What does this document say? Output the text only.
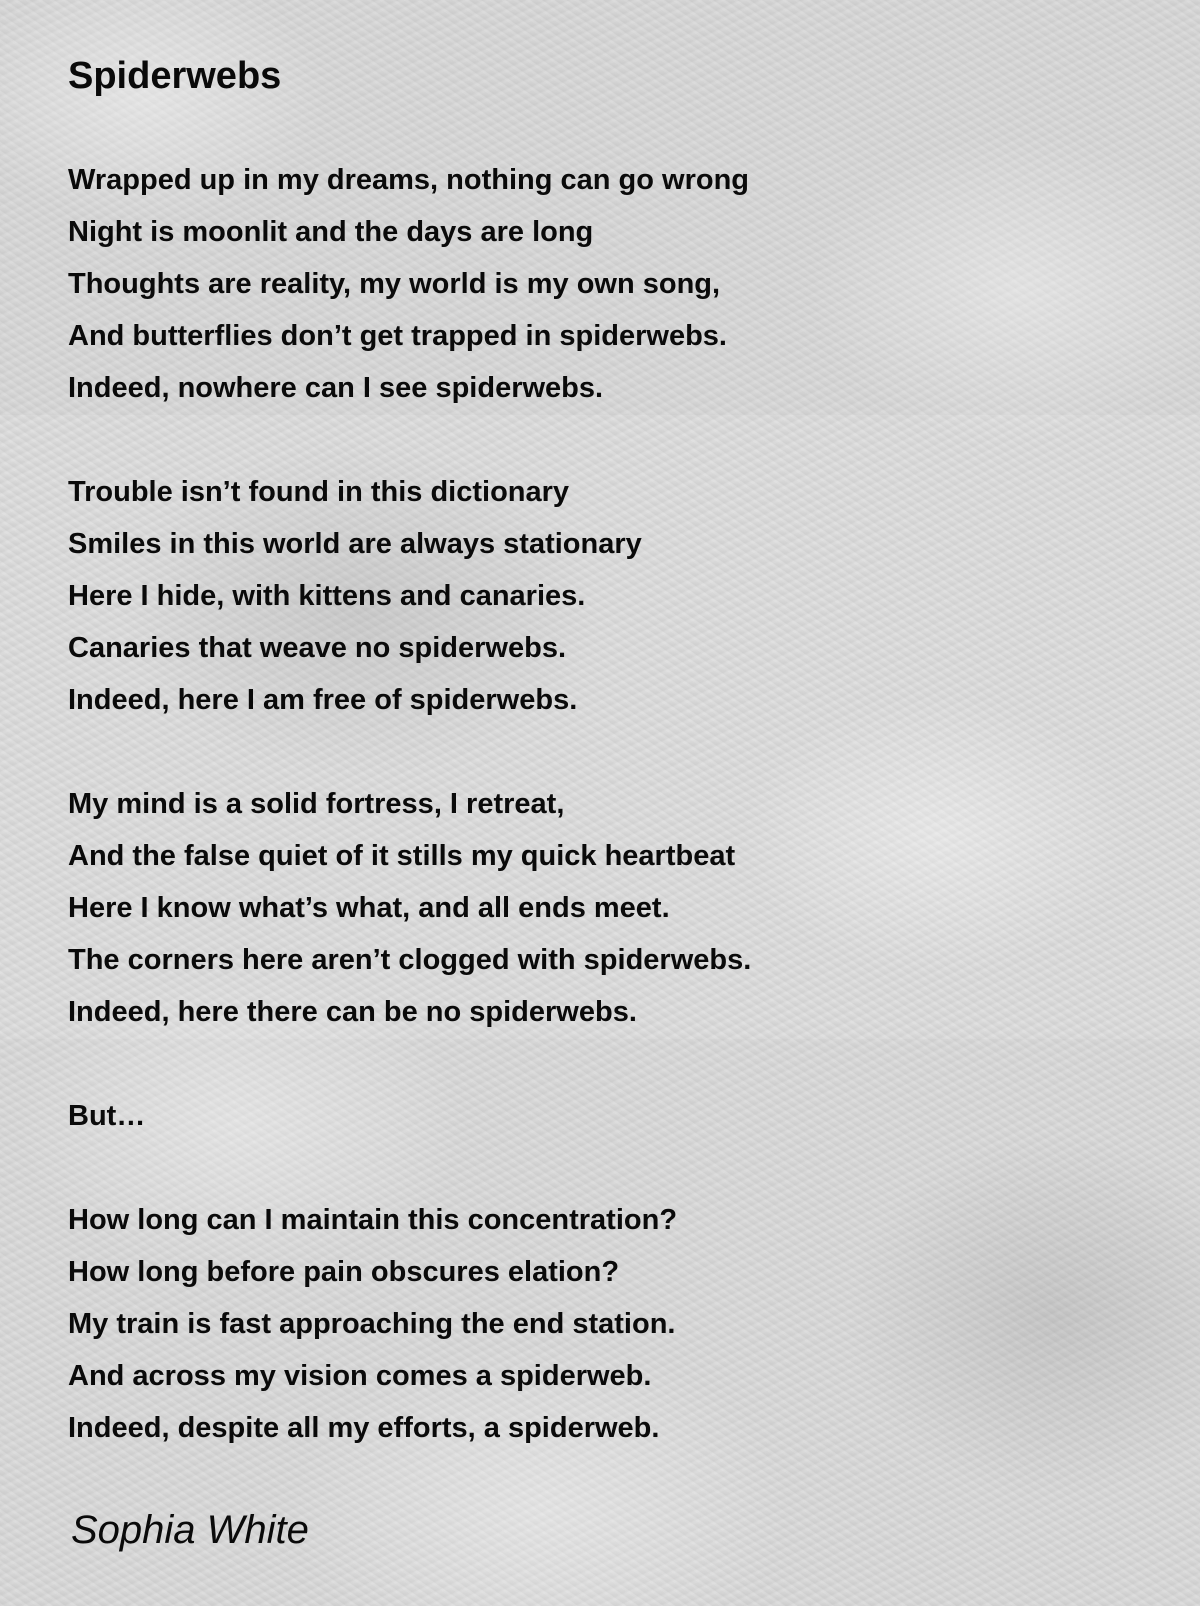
Spiderwebs
Wrapped up in my dreams, nothing can go wrong
Night is moonlit and the days are long
Thoughts are reality, my world is my own song,
And butterflies don’t get trapped in spiderwebs.
Indeed, nowhere can I see spiderwebs.
Trouble isn’t found in this dictionary
Smiles in this world are always stationary
Here I hide, with kittens and canaries.
Canaries that weave no spiderwebs.
Indeed, here I am free of spiderwebs.
My mind is a solid fortress, I retreat,
And the false quiet of it stills my quick heartbeat
Here I know what’s what, and all ends meet.
The corners here aren’t clogged with spiderwebs.
Indeed, here there can be no spiderwebs.
But…
How long can I maintain this concentration?
How long before pain obscures elation?
My train is fast approaching the end station.
And across my vision comes a spiderweb.
Indeed, despite all my efforts, a spiderweb.
Sophia White
